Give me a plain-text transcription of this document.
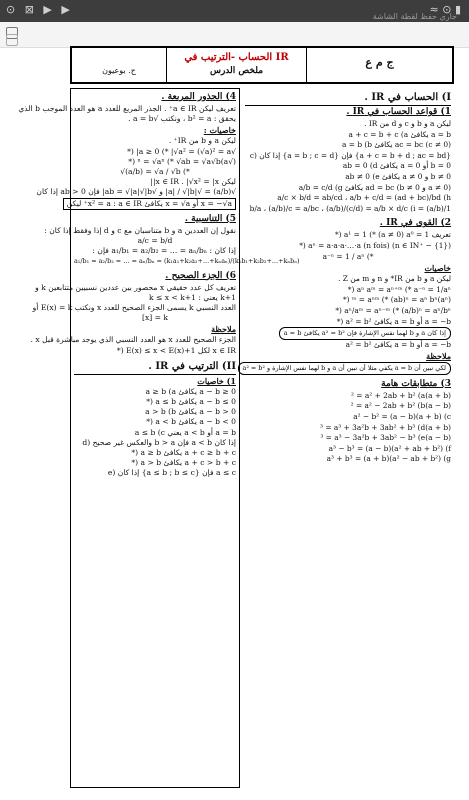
⊙ ⊠ ▶ ▶	≈ ⊙ ▮
جاري حفظ لقطة الشاشة
ح. بوعيون
الحساب -الترتيب في IR
ملخص الدرس
ج م ع
4) الجذور المربعة .
تعريف ليكن a ∈ IR⁺ . الجذر المربع للعدد a هو العدد الموجب b الذي
يحقق : b² = a ، ونكتب √a = b .
خاصيات :
ليكن a و b من IR⁺ .
√a ≥ 0 (* |√a² = (√a)² = a| (*
(√a)ⁿ = √aⁿ (* √ab = √a√b (*
√(a/b) = √a / √b (*
ليكن x ∈ IR . |√x² = |x||
√(a/b) = √|a| / √|b| و √ab = √|a|√|b| فإن ab > 0 إذا كان
x = −√a أو x = √a يكافئ x² = a : a ∈ IR⁺ ليكن
5) التناسبية .
نقول إن العددين a و b متناسبان مع c و d إذا وفقط إذا كان :
a/c = b/d
إذا كان : a₁/b₁ = a₂/b₂ = … = aₙ/bₙ فإن :
a₁/b₁ = a₂/b₂ = … = aₙ/bₙ = (k₁a₁+k₂a₂+…+kₙaₙ)/(k₁b₁+k₂b₂+…+kₙbₙ)
6) الجزء الصحيح .
تعريف كل عدد حقيقي x محصور بين عددين نسبيين متتابعين k و
k+1 يعني : k ≤ x < k+1
العدد النسبي k يسمى الجزء الصحيح للعدد x ونكتب E(x) = k أو
[x] = k
ملاحظة
الجزء الصحيح للعدد x هو العدد النسبي الذي يوجد مباشرة قبل x .
x ∈ IR لكل E(x) ≤ x < E(x)+1 (*
II) الترتيب في IR .
1) خاصيات
a − b ≥ 0 يكافئ a ≥ b (a
a − b ≤ 0 يكافئ a ≤ b (*
a − b > 0 يكافئ a > b (b
a − b < 0 يكافئ a < b (*
a = b أو a < b يعني a ≤ b (c
إذا كان a < b فإن b > a والعكس غير صحيح (d
a + c ≥ b + c يكافئ a ≥ b (*
a + c > b + c يكافئ a > b (*
a ≤ c فإن {a ≤ b ; b ≤ c} إذا كان (e
I) الحساب في IR .
1) قواعد الحساب في IR .
ليكن a و b و c و d من IR .
a = b يكافئ a + c = b + c (a
(c ≠ 0) ac = bc يكافئ a = b (b
{a + c = b + d ; ac = bd} فإن {a = b ; c = d} إذا كان (c
b = 0 أو a = 0 يكافئ ab = 0 (d
b ≠ 0 و a ≠ 0 يكافئ ab ≠ 0 (e
(a ≠ 0 و b ≠ 0) ad = bc يكافئ a/b = c/d (g
a/c × b/d = ab/cd ، a/b + c/d = (ad + bc)/bd (h
1/(a/b) = b/a ، (a/b)/c = a/bc ، (a/b)/(c/d) = a/b × d/c (i
2) القوى في IR .
تعريف a¹ = 1 (* (a ≠ 0) a⁰ = 1 (*
(n ∈ IN⁺ − {1}) aⁿ = a·a·a·…·a (n fois) (*
a⁻ⁿ = 1 / aⁿ (*
خاصيات
ليكن a و b من IR* و n و m من Z .
aⁿ aᵐ = aⁿ⁺ᵐ (* a⁻ⁿ = 1/aⁿ (*
(aⁿ)ᵐ = aⁿᵐ (* (ab)ⁿ = aⁿ bⁿ (*
aⁿ/aᵐ = aⁿ⁻ᵐ (* (a/b)ⁿ = aⁿ/bⁿ (*
a = −b أو a = b يكافئ a² = b² (*
إذا كان a و b لهما نفس الإشارة فإن a² = b² يكافئ a = b
a = −b أو a = b يكافئ a² = b²
ملاحظة
لكي نبين أن a = b يكفي مثلا أن نبين أن a و b لهما نفس الإشارة و a² = b²
3) متطابقات هامة
(a + b)² = a² + 2ab + b² (a
(a − b)² = a² − 2ab + b² (b
a² − b² = (a − b)(a + b) (c
(a + b)³ = a³ + 3a²b + 3ab² + b³ (d
(a − b)³ = a³ − 3a²b + 3ab² − b³ (e
a³ − b³ = (a − b)(a² + ab + b²) (f
a³ + b³ = (a + b)(a² − ab + b²) (g
